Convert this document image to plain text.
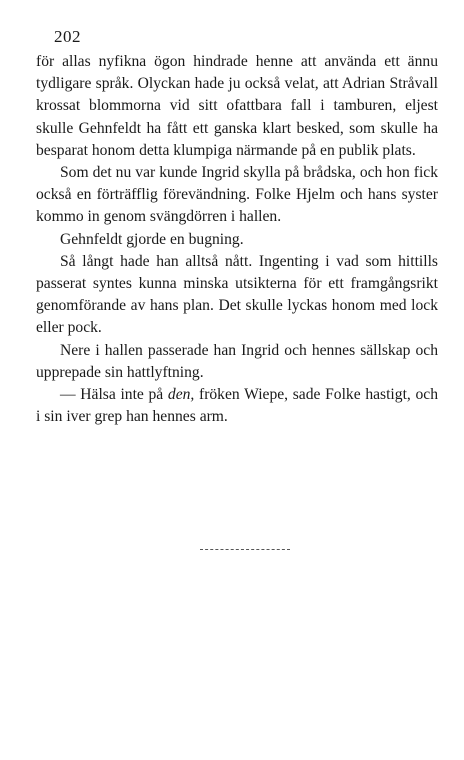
202

för allas nyfikna ögon hindrade henne att använda ett ännu tydligare språk. Olyckan hade ju också velat, att Adrian Stråvall krossat blommorna vid sitt ofattbara fall i tamburen, eljest skulle Gehnfeldt ha fått ett ganska klart besked, som skulle ha besparat honom detta klumpiga närmande på en publik plats.

Som det nu var kunde Ingrid skylla på brådska, och hon fick också en förträfflig förevändning. Folke Hjelm och hans syster kommo in genom svängdörren i hallen.

Gehnfeldt gjorde en bugning.

Så långt hade han alltså nått. Ingenting i vad som hittills passerat syntes kunna minska utsikterna för ett framgångsrikt genomförande av hans plan. Det skulle lyckas honom med lock eller pock.

Nere i hallen passerade han Ingrid och hennes sällskap och upprepade sin hattlyftning.

— Hälsa inte på den, fröken Wiepe, sade Folke hastigt, och i sin iver grep han hennes arm.
